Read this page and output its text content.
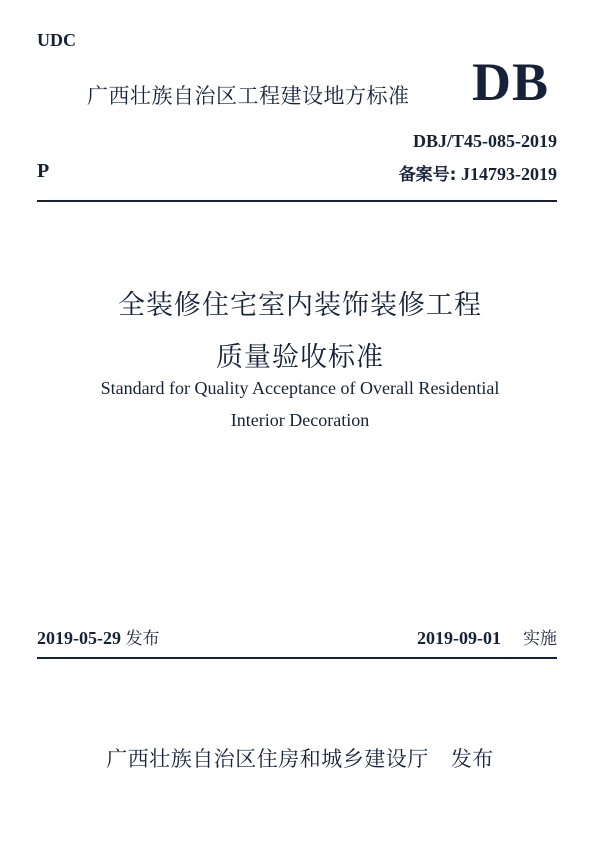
UDC
广西壮族自治区工程建设地方标准 DB
DBJ/T45-085-2019
P	备案号: J14793-2019
全装修住宅室内装饰装修工程
质量验收标准
Standard for Quality Acceptance of Overall Residential
Interior Decoration
2019-05-29 发布	2019-09-01 实施
广西壮族自治区住房和城乡建设厅 发布
